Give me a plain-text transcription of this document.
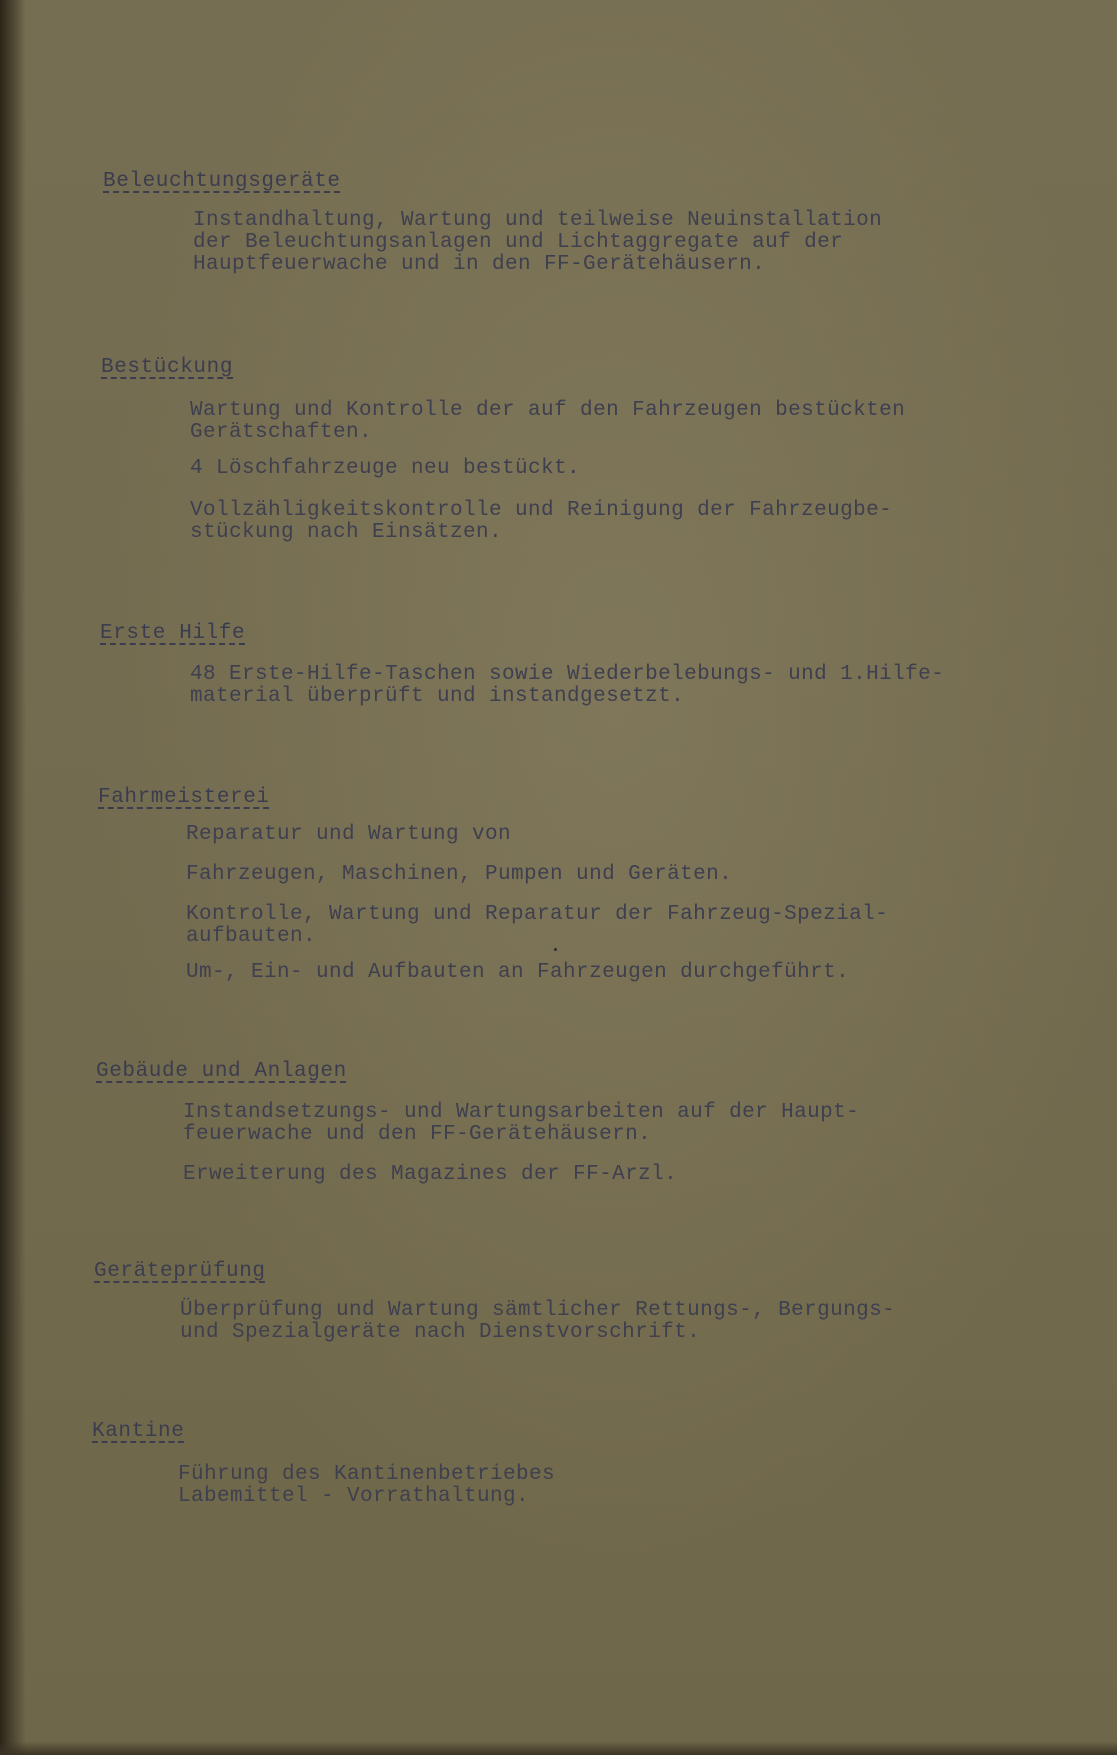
Beleuchtungsgeräte

Instandhaltung, Wartung und teilweise Neuinstallation
der Beleuchtungsanlagen und Lichtaggregate auf der
Hauptfeuerwache und in den FF-Gerätehäusern.

Bestückung

Wartung und Kontrolle der auf den Fahrzeugen bestückten
Gerätschaften.

4 Löschfahrzeuge neu bestückt.

Vollzähligkeitskontrolle und Reinigung der Fahrzeugbe-
stückung nach Einsätzen.

Erste Hilfe

48 Erste-Hilfe-Taschen sowie Wiederbelebungs- und 1.Hilfe-
material überprüft und instandgesetzt.

Fahrmeisterei

Reparatur und Wartung von

Fahrzeugen, Maschinen, Pumpen und Geräten.

Kontrolle, Wartung und Reparatur der Fahrzeug-Spezial-
aufbauten.

Um-, Ein- und Aufbauten an Fahrzeugen durchgeführt.

Gebäude und Anlagen

Instandsetzungs- und Wartungsarbeiten auf der Haupt-
feuerwache und den FF-Gerätehäusern.

Erweiterung des Magazines der FF-Arzl.

Geräteprüfung

Überprüfung und Wartung sämtlicher Rettungs-, Bergungs-
und Spezialgeräte nach Dienstvorschrift.

Kantine

Führung des Kantinenbetriebes
Labemittel - Vorrathaltung.
